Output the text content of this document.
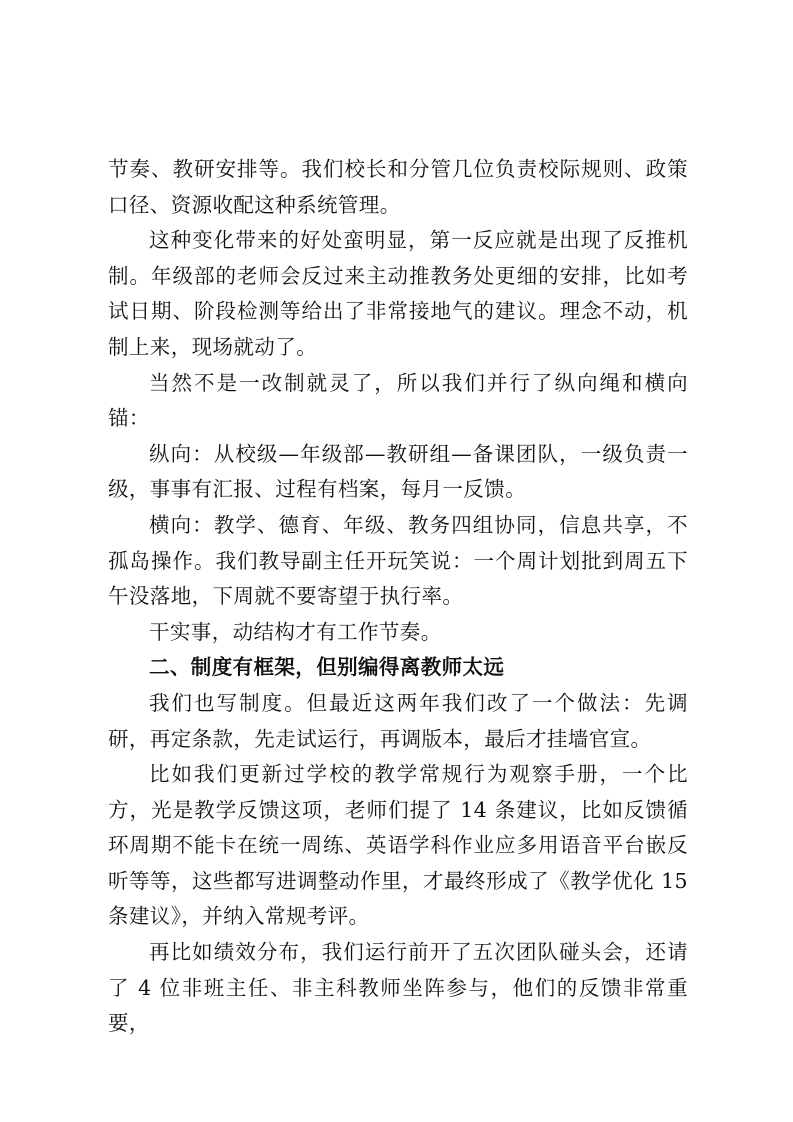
节奏、教研安排等。我们校长和分管几位负责校际规则、政策口径、资源收配这种系统管理。

这种变化带来的好处蛮明显，第一反应就是出现了反推机制。年级部的老师会反过来主动推教务处更细的安排，比如考试日期、阶段检测等给出了非常接地气的建议。理念不动，机制上来，现场就动了。

当然不是一改制就灵了，所以我们并行了纵向绳和横向锚：

纵向：从校级—年级部—教研组—备课团队，一级负责一级，事事有汇报、过程有档案，每月一反馈。

横向：教学、德育、年级、教务四组协同，信息共享，不孤岛操作。我们教导副主任开玩笑说：一个周计划批到周五下午没落地，下周就不要寄望于执行率。

干实事，动结构才有工作节奏。

二、制度有框架，但别编得离教师太远

我们也写制度。但最近这两年我们改了一个做法：先调研，再定条款，先走试运行，再调版本，最后才挂墙官宣。

比如我们更新过学校的教学常规行为观察手册，一个比方，光是教学反馈这项，老师们提了 14 条建议，比如反馈循环周期不能卡在统一周练、英语学科作业应多用语音平台嵌反听等等，这些都写进调整动作里，才最终形成了《教学优化 15 条建议》，并纳入常规考评。

再比如绩效分布，我们运行前开了五次团队碰头会，还请了 4 位非班主任、非主科教师坐阵参与，他们的反馈非常重要，
